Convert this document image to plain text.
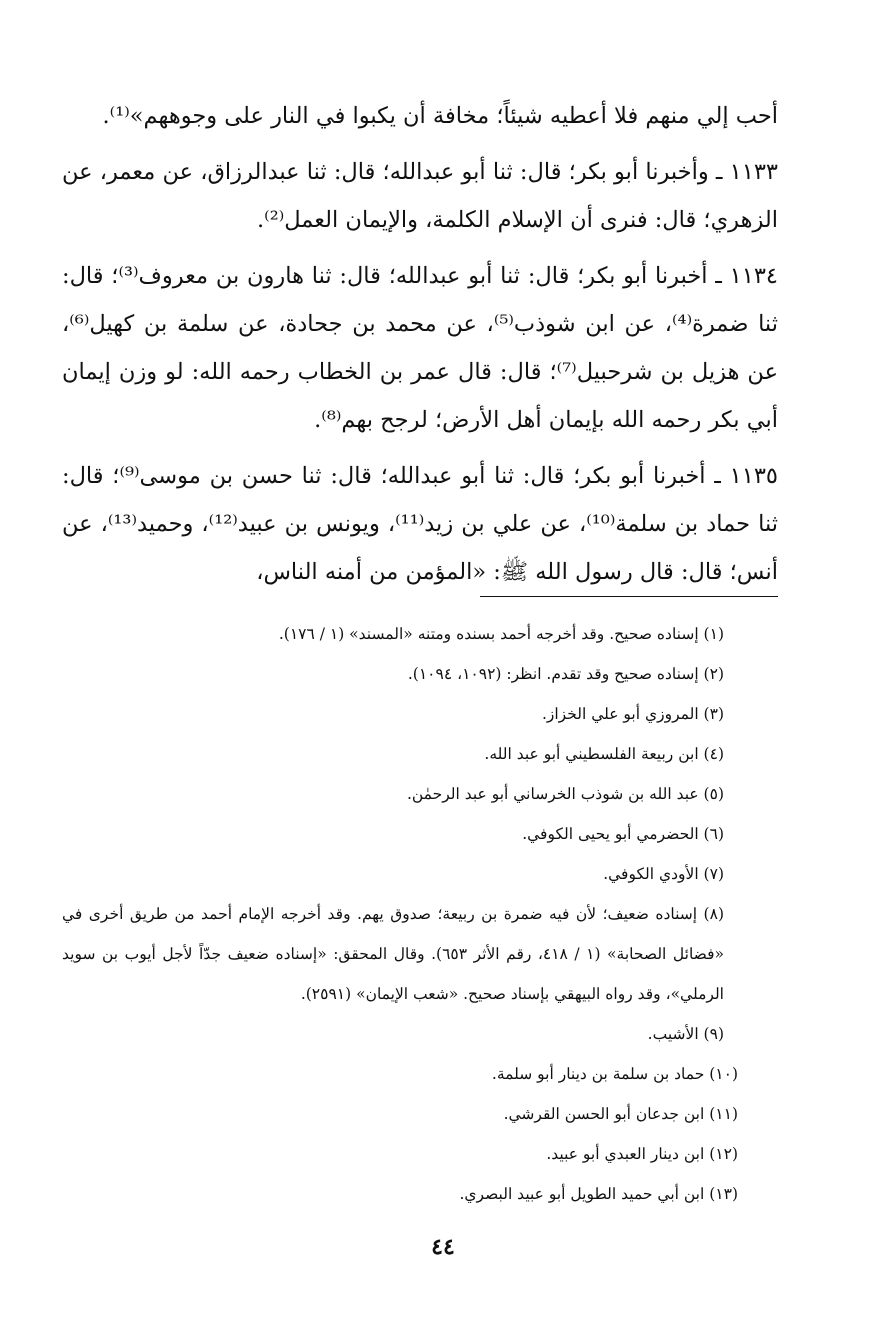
أحب إلي منهم فلا أعطيه شيئاً؛ مخافة أن يكبوا في النار على وجوههم»⁽¹⁾.

١١٣٣ ـ وأخبرنا أبو بكر؛ قال: ثنا أبو عبدالله؛ قال: ثنا عبدالرزاق، عن معمر، عن الزهري؛ قال: فنرى أن الإسلام الكلمة، والإيمان العمل⁽²⁾.

١١٣٤ ـ أخبرنا أبو بكر؛ قال: ثنا أبو عبدالله؛ قال: ثنا هارون بن معروف⁽³⁾؛ قال: ثنا ضمرة⁽⁴⁾، عن ابن شوذب⁽⁵⁾، عن محمد بن جحادة، عن سلمة بن كهيل⁽⁶⁾، عن هزيل بن شرحبيل⁽⁷⁾؛ قال: قال عمر بن الخطاب رحمه الله: لو وزن إيمان أبي بكر رحمه الله بإيمان أهل الأرض؛ لرجح بهم⁽⁸⁾.

١١٣٥ ـ أخبرنا أبو بكر؛ قال: ثنا أبو عبدالله؛ قال: ثنا حسن بن موسى⁽⁹⁾؛ قال: ثنا حماد بن سلمة⁽¹⁰⁾، عن علي بن زيد⁽¹¹⁾، ويونس بن عبيد⁽¹²⁾، وحميد⁽¹³⁾، عن أنس؛ قال: قال رسول الله ﷺ: «المؤمن من أمنه الناس،

(١) إسناده صحيح. وقد أخرجه أحمد بسنده ومتنه «المسند» (١ / ١٧٦).

(٢) إسناده صحيح وقد تقدم. انظر: (١٠٩٢، ١٠٩٤).

(٣) المروزي أبو علي الخزاز.

(٤) ابن ربيعة الفلسطيني أبو عبد الله.

(٥) عبد الله بن شوذب الخرساني أبو عبد الرحمٰن.

(٦) الحضرمي أبو يحيى الكوفي.

(٧) الأودي الكوفي.

(٨) إسناده ضعيف؛ لأن فيه ضمرة بن ربيعة؛ صدوق يهم. وقد أخرجه الإمام أحمد من طريق أخرى في «فضائل الصحابة» (١ / ٤١٨، رقم الأثر ٦٥٣). وقال المحقق: «إسناده ضعيف جدّاً لأجل أيوب بن سويد الرملي»، وقد رواه البيهقي بإسناد صحيح. «شعب الإيمان» (٢٥٩١).

(٩) الأشيب.

(١٠) حماد بن سلمة بن دينار أبو سلمة.

(١١) ابن جدعان أبو الحسن القرشي.

(١٢) ابن دينار العبدي أبو عبيد.

(١٣) ابن أبي حميد الطويل أبو عبيد البصري.

٤٤
